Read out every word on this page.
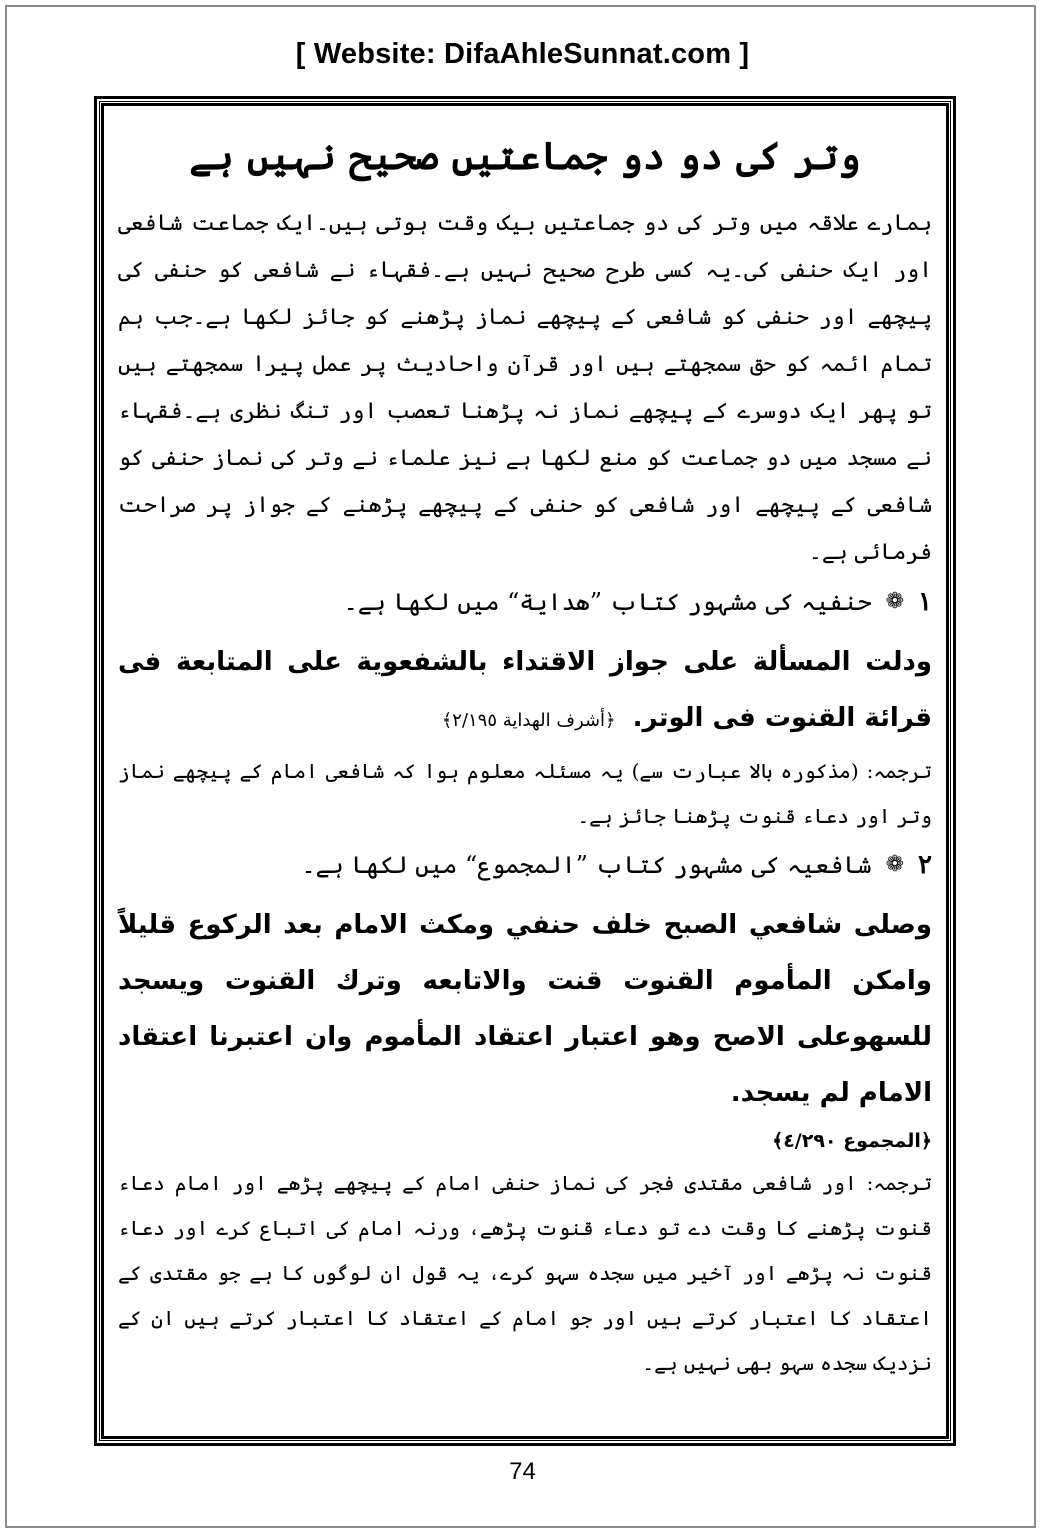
[ Website: DifaAhleSunnat.com ]
وتر کی دو دو جماعتیں صحیح نہیں ہے

ہمارے علاقہ میں وتر کی دو جماعتیں بیک وقت ہوتی ہیں۔ایک جماعت شافعی اور ایک حنفی کی۔یہ کسی طرح صحیح نہیں ہے۔فقہاء نے شافعی کو حنفی کی پیچھے اور حنفی کو شافعی کے پیچھے نماز پڑھنے کو جائز لکھا ہے۔جب ہم تمام ائمہ کو حق سمجھتے ہیں اور قرآن واحادیث پر عمل پیرا سمجھتے ہیں تو پھر ایک دوسرے کے پیچھے نماز نہ پڑھنا تعصب اور تنگ نظری ہے۔فقہاء نے مسجد میں دو جماعت کو منع لکھا ہے نیز علماء نے وتر کی نماز حنفی کو شافعی کے پیچھے اور شافعی کو حنفی کے پیچھے پڑھنے کے جواز پر صراحت فرمائی ہے۔

١
❁
حنفیہ کی مشہور کتاب ”هداية“ میں لکھا ہے۔

ودلت المسألة على جواز الاقتداء بالشفعوية على المتابعة فى قرائة القنوت فى الوتر. ﴿أشرف الهداية ٢/١٩٥﴾

ترجمہ: (مذکورہ بالا عبارت سے) یہ مسئلہ معلوم ہوا کہ شافعی امام کے پیچھے نماز وتر اور دعاء قنوت پڑھنا جائز ہے۔

٢
❁
شافعیہ کی مشہور کتاب ”المجموع“ میں لکھا ہے۔

وصلى شافعي الصبح خلف حنفي ومكث الامام بعد الركوع قليلاً وامكن المأموم القنوت قنت والاتابعه وترك القنوت ويسجد للسهوعلى الاصح وهو اعتبار اعتقاد المأموم وان اعتبرنا اعتقاد الامام لم يسجد.

﴿المجموع ٤/٢٩٠﴾

ترجمہ: اور شافعی مقتدی فجر کی نماز حنفی امام کے پیچھے پڑھے اور امام دعاء قنوت پڑھنے کا وقت دے تو دعاء قنوت پڑھے، ورنہ امام کی اتباع کرے اور دعاء قنوت نہ پڑھے اور آخیر میں سجدہ سہو کرے، یہ قول ان لوگوں کا ہے جو مقتدی کے اعتقاد کا اعتبار کرتے ہیں اور جو امام کے اعتقاد کا اعتبار کرتے ہیں ان کے نزدیک سجدہ سہو بھی نہیں ہے۔

74
